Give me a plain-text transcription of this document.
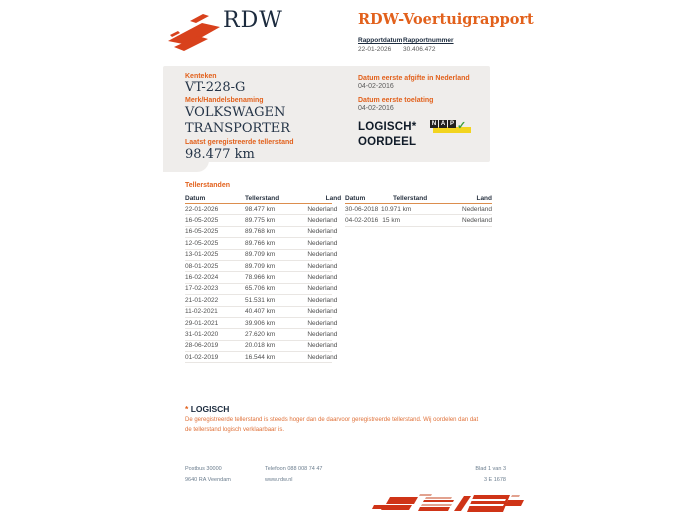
RDW	RDW-Voertuigrapport
Rapportdatum
22-01-2026
Rapportnummer
30.406.472
Kenteken
VT-228-G
Merk/Handelsbenaming
VOLKSWAGEN
TRANSPORTER
Laatst geregistreerde tellerstand
98.477 km
Datum eerste afgifte in Nederland
04-02-2016
Datum eerste toelating
04-02-2016
LOGISCH*
OORDEEL
N A P ✓
Tellerstanden
Datum	Tellerstand	Land
22-01-2026	98.477 km	Nederland
16-05-2025	89.775 km	Nederland
16-05-2025	89.768 km	Nederland
12-05-2025	89.766 km	Nederland
13-01-2025	89.709 km	Nederland
08-01-2025	89.709 km	Nederland
16-02-2024	78.966 km	Nederland
17-02-2023	65.706 km	Nederland
21-01-2022	51.531 km	Nederland
11-02-2021	40.407 km	Nederland
29-01-2021	39.906 km	Nederland
31-01-2020	27.620 km	Nederland
28-06-2019	20.018 km	Nederland
01-02-2019	16.544 km	Nederland
Datum	Tellerstand	Land
30-06-2018 10.971 km	Nederland
04-02-2016 15 km	Nederland
* LOGISCH
De geregistreerde tellerstand is steeds hoger dan de daarvoor geregistreerde tellerstand. Wij oordelen dan dat de tellerstand logisch verklaarbaar is.
Postbus 30000
9640 RA Veendam
Telefoon 088 008 74 47
www.rdw.nl
Blad 1 van 3
3 E 1678
